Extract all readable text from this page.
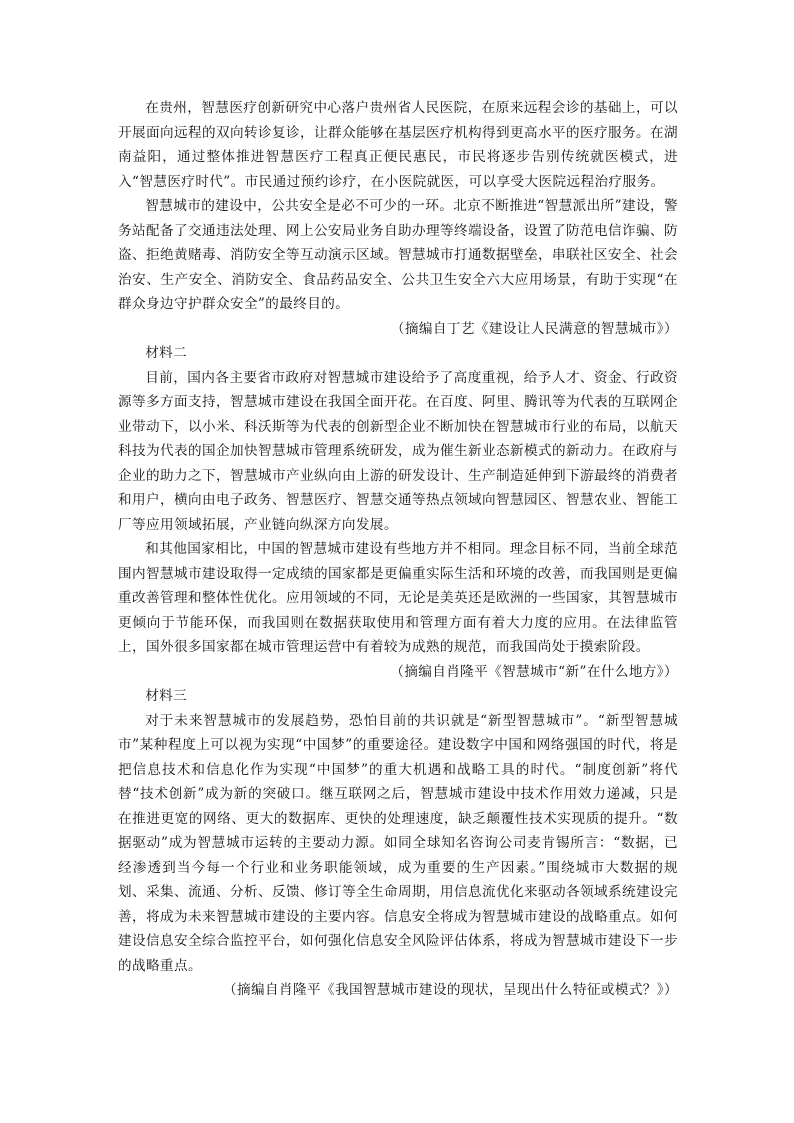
在贵州，智慧医疗创新研究中心落户贵州省人民医院，在原来远程会诊的基础上，可以开展面向远程的双向转诊复诊，让群众能够在基层医疗机构得到更高水平的医疗服务。在湖南益阳，通过整体推进智慧医疗工程真正便民惠民，市民将逐步告别传统就医模式，进入“智慧医疗时代”。市民通过预约诊疗，在小医院就医，可以享受大医院远程治疗服务。

智慧城市的建设中，公共安全是必不可少的一环。北京不断推进“智慧派出所”建设，警务站配备了交通违法处理、网上公安局业务自助办理等终端设备，设置了防范电信诈骗、防盗、拒绝黄赌毒、消防安全等互动演示区域。智慧城市打通数据壁垒，串联社区安全、社会治安、生产安全、消防安全、食品药品安全、公共卫生安全六大应用场景，有助于实现“在群众身边守护群众安全”的最终目的。

（摘编自丁艺《建设让人民满意的智慧城市》）

材料二

目前，国内各主要省市政府对智慧城市建设给予了高度重视，给予人才、资金、行政资源等多方面支持，智慧城市建设在我国全面开花。在百度、阿里、腾讯等为代表的互联网企业带动下，以小米、科沃斯等为代表的创新型企业不断加快在智慧城市行业的布局，以航天科技为代表的国企加快智慧城市管理系统研发，成为催生新业态新模式的新动力。在政府与企业的助力之下，智慧城市产业纵向由上游的研发设计、生产制造延伸到下游最终的消费者和用户，横向由电子政务、智慧医疗、智慧交通等热点领域向智慧园区、智慧农业、智能工厂等应用领域拓展，产业链向纵深方向发展。

和其他国家相比，中国的智慧城市建设有些地方并不相同。理念目标不同，当前全球范围内智慧城市建设取得一定成绩的国家都是更偏重实际生活和环境的改善，而我国则是更偏重改善管理和整体性优化。应用领域的不同，无论是美英还是欧洲的一些国家，其智慧城市更倾向于节能环保，而我国则在数据获取使用和管理方面有着大力度的应用。在法律监管上，国外很多国家都在城市管理运营中有着较为成熟的规范，而我国尚处于摸索阶段。

（摘编自肖隆平《智慧城市“新”在什么地方》）

材料三

对于未来智慧城市的发展趋势，恐怕目前的共识就是“新型智慧城市”。“新型智慧城市”某种程度上可以视为实现“中国梦”的重要途径。建设数字中国和网络强国的时代，将是把信息技术和信息化作为实现“中国梦”的重大机遇和战略工具的时代。“制度创新”将代替“技术创新”成为新的突破口。继互联网之后，智慧城市建设中技术作用效力递减，只是在推进更宽的网络、更大的数据库、更快的处理速度，缺乏颠覆性技术实现质的提升。“数据驱动”成为智慧城市运转的主要动力源。如同全球知名咨询公司麦肯锡所言：“数据，已经渗透到当今每一个行业和业务职能领域，成为重要的生产因素。”围绕城市大数据的规划、采集、流通、分析、反馈、修订等全生命周期，用信息流优化来驱动各领域系统建设完善，将成为未来智慧城市建设的主要内容。信息安全将成为智慧城市建设的战略重点。如何建设信息安全综合监控平台，如何强化信息安全风险评估体系，将成为智慧城市建设下一步的战略重点。

（摘编自肖隆平《我国智慧城市建设的现状，呈现出什么特征或模式？》）
